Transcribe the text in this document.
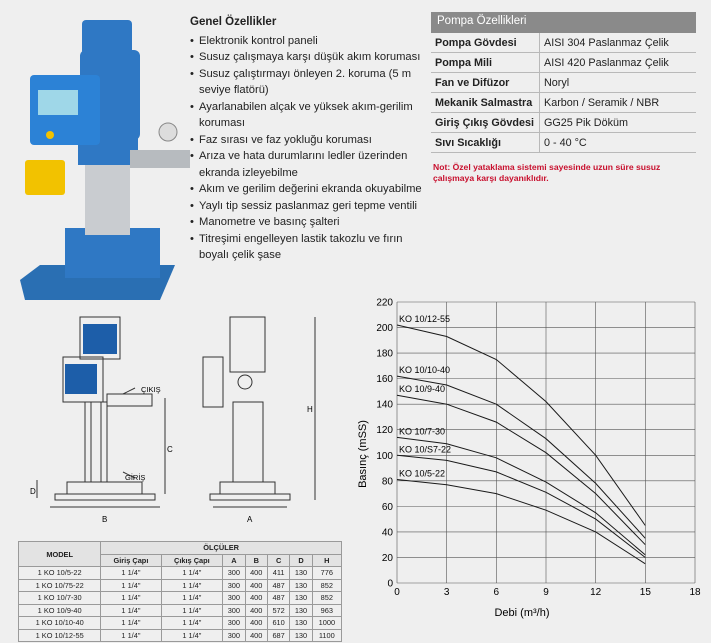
Genel Özellikler
• Elektronik kontrol paneli
• Susuz çalışmaya karşı düşük akım koruması
• Susuz çalıştırmayı önleyen 2. koruma (5 m seviye flatörü)
• Ayarlanabilen alçak ve yüksek akım-gerilim koruması
• Faz sırası ve faz yokluğu koruması
• Arıza ve hata durumlarını ledler üzerinden ekranda izleyebilme
• Akım ve gerilim değerini ekranda okuyabilme
• Yaylı tip sessiz paslanmaz geri tepme ventili
• Manometre ve basınç şalteri
• Titreşimi engelleyen lastik takozlu ve fırın boyalı çelik şase
Pompa Özellikleri
Pompa Gövdesi	AISI 304 Paslanmaz Çelik
Pompa Mili	AISI 420 Paslanmaz Çelik
Fan ve Difüzor	Noryl
Mekanik Salmastra	Karbon / Seramik / NBR
Giriş Çıkış Gövdesi	GG25 Pik Döküm
Sıvı Sıcaklığı	0 - 40 °C
Not: Özel yataklama sistemi sayesinde uzun süre susuz çalışmaya karşı dayanıklıdır.
ÇIKIŞ
GİRİŞ
B	A
C
D
H
MODEL	ÖLÇÜLER						
	Giriş Çapı	Çıkış Çapı	A	B	C	D	H
1 KO 10/5-22	1 1/4"	1 1/4"	300	400	411	130	776
1 KO 10/75-22	1 1/4"	1 1/4"	300	400	487	130	852
1 KO 10/7-30	1 1/4"	1 1/4"	300	400	487	130	852
1 KO 10/9-40	1 1/4"	1 1/4"	300	400	572	130	963
1 KO 10/10-40	1 1/4"	1 1/4"	300	400	610	130	1000
1 KO 10/12-55	1 1/4"	1 1/4"	300	400	687	130	1100
KO 10/12-55
KO 10/10-40
KO 10/9-40
KO 10/7-30
KO 10/S7-22
KO 10/5-22
0
20
40
60
80
100
120
140
160
180
200
220
0	3	6	9	12	15	18
Basınç (mSS)
Debi (m³/h)
